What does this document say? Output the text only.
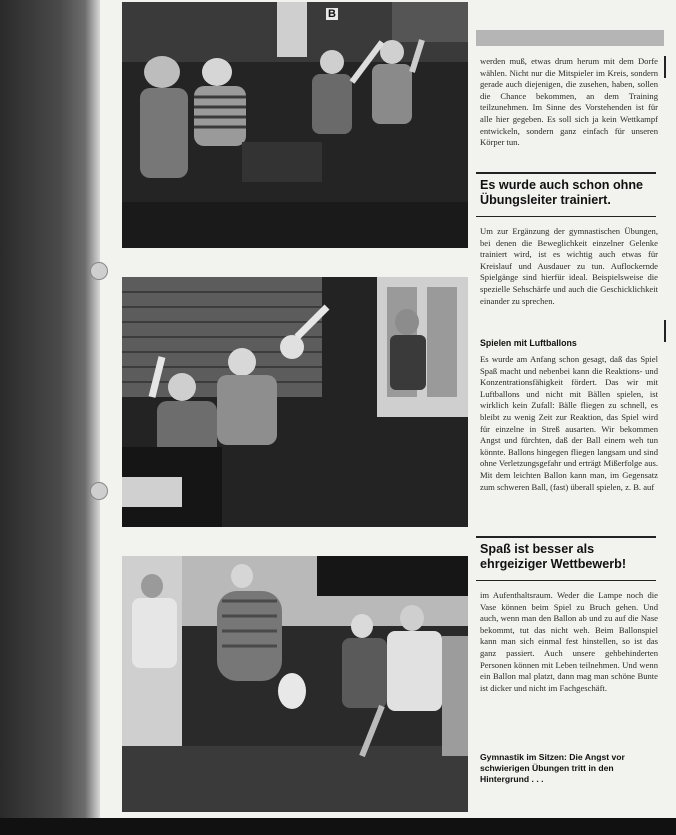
B

werden muß, etwas drum herum mit dem Dorfe wählen. Nicht nur die Mitspieler im Kreis, sondern gerade auch diejenigen, die zusehen, haben, sollen die Chance bekommen, an dem Training teilzunehmen. Im Sinne des Vorstehenden ist für alle hier gegeben. Es soll sich ja kein Wettkampf entwickeln, sondern ganz einfach für unseren Körper tun.

Es wurde auch schon ohne Übungsleiter trainiert.

Um zur Ergänzung der gymnastischen Übungen, bei denen die Beweglichkeit einzelner Gelenke trainiert wird, ist es wichtig auch etwas für Kreislauf und Ausdauer zu tun. Auflockernde Spielgänge sind hierfür ideal. Beispielsweise die spezielle Sehschärfe und auch die Geschicklichkeit einander zu sprechen.

Spielen mit Luftballons

Es wurde am Anfang schon gesagt, daß das Spiel Spaß macht und nebenbei kann die Reaktions- und Konzentrationsfähigkeit fördert. Das wir mit Luftballons und nicht mit Bällen spielen, ist wirklich kein Zufall: Bälle fliegen zu schnell, es bleibt zu wenig Zeit zur Reaktion, das Spiel wird für einzelne in Streß ausarten. Wir bekommen Angst und fürchten, daß der Ball einem weh tun könnte. Ballons hingegen fliegen langsam und sind ohne Verletzungsgefahr und erträgt Mißerfolge aus. Mit dem leichten Ballon kann man, im Gegensatz zum schweren Ball, (fast) überall spielen, z. B. auf

Spaß ist besser als ehrgeiziger Wettbewerb!

im Aufenthaltsraum. Weder die Lampe noch die Vase können beim Spiel zu Bruch gehen. Und auch, wenn man den Ballon ab und zu auf die Nase bekommt, tut das nicht weh. Beim Ballonspiel kann man sich einmal fest hinstellen, so ist das ganz passiert. Auch unsere gehbehinderten Personen können mit Leben teilnehmen. Und wenn ein Ballon mal platzt, dann mag man schöne Bunte ist dicker und nicht im Fachgeschäft.

Gymnastik im Sitzen: Die Angst vor schwierigen Übungen tritt in den Hintergrund . . .
